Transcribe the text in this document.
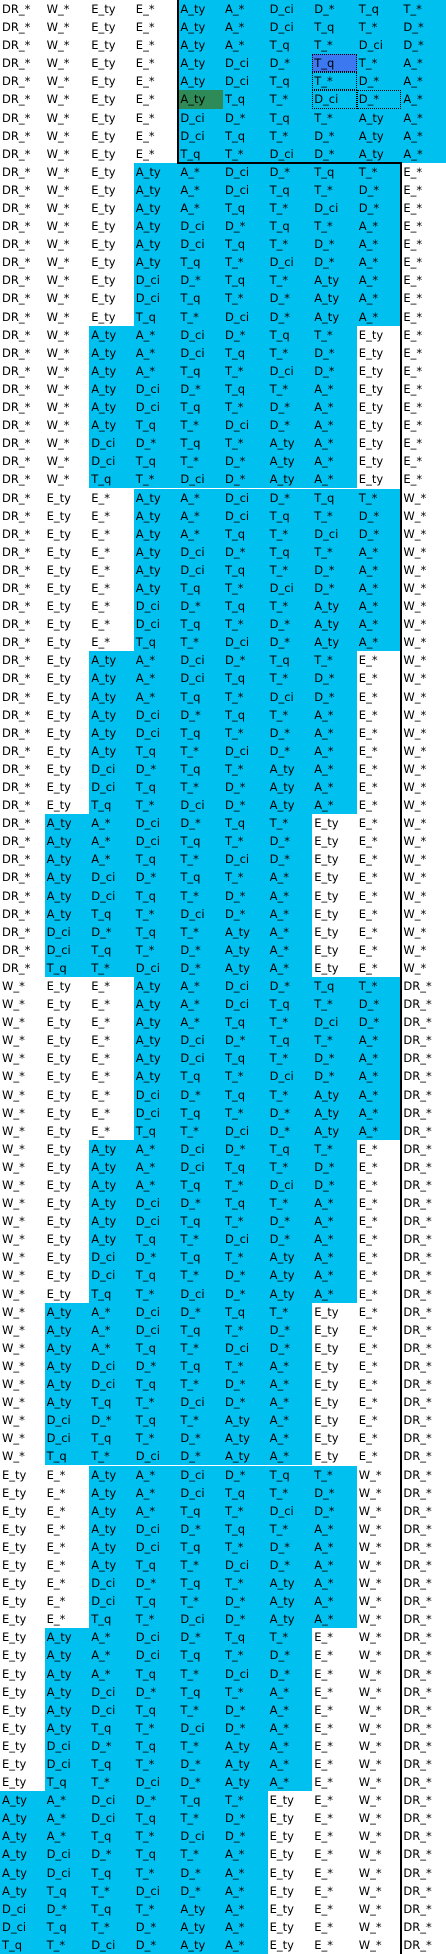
DR_*	W_*	E_ty	E_*	A_ty	A_*	D_ci	D_*	T_q	T_*
DR_*	W_*	E_ty	E_*	A_ty	A_*	D_ci	T_q	T_*	D_*
DR_*	W_*	E_ty	E_*	A_ty	A_*	T_q	T_*	D_ci	D_*
DR_*	W_*	E_ty	E_*	A_ty	D_ci	D_*	T_q	T_*	A_*
DR_*	W_*	E_ty	E_*	A_ty	D_ci	T_q	T_*	D_*	A_*
DR_*	W_*	E_ty	E_*	A_ty	T_q	T_*	D_ci	D_*	A_*
DR_*	W_*	E_ty	E_*	D_ci	D_*	T_q	T_*	A_ty	A_*
DR_*	W_*	E_ty	E_*	D_ci	T_q	T_*	D_*	A_ty	A_*
DR_*	W_*	E_ty	E_*	T_q	T_*	D_ci	D_*	A_ty	A_*
DR_*	W_*	E_ty	A_ty	A_*	D_ci	D_*	T_q	T_*	E_*
DR_*	W_*	E_ty	A_ty	A_*	D_ci	T_q	T_*	D_*	E_*
DR_*	W_*	E_ty	A_ty	A_*	T_q	T_*	D_ci	D_*	E_*
DR_*	W_*	E_ty	A_ty	D_ci	D_*	T_q	T_*	A_*	E_*
DR_*	W_*	E_ty	A_ty	D_ci	T_q	T_*	D_*	A_*	E_*
DR_*	W_*	E_ty	A_ty	T_q	T_*	D_ci	D_*	A_*	E_*
DR_*	W_*	E_ty	D_ci	D_*	T_q	T_*	A_ty	A_*	E_*
DR_*	W_*	E_ty	D_ci	T_q	T_*	D_*	A_ty	A_*	E_*
DR_*	W_*	E_ty	T_q	T_*	D_ci	D_*	A_ty	A_*	E_*
DR_*	W_*	A_ty	A_*	D_ci	D_*	T_q	T_*	E_ty	E_*
DR_*	W_*	A_ty	A_*	D_ci	T_q	T_*	D_*	E_ty	E_*
DR_*	W_*	A_ty	A_*	T_q	T_*	D_ci	D_*	E_ty	E_*
DR_*	W_*	A_ty	D_ci	D_*	T_q	T_*	A_*	E_ty	E_*
DR_*	W_*	A_ty	D_ci	T_q	T_*	D_*	A_*	E_ty	E_*
DR_*	W_*	A_ty	T_q	T_*	D_ci	D_*	A_*	E_ty	E_*
DR_*	W_*	D_ci	D_*	T_q	T_*	A_ty	A_*	E_ty	E_*
DR_*	W_*	D_ci	T_q	T_*	D_*	A_ty	A_*	E_ty	E_*
DR_*	W_*	T_q	T_*	D_ci	D_*	A_ty	A_*	E_ty	E_*
DR_*	E_ty	E_*	A_ty	A_*	D_ci	D_*	T_q	T_*	W_*
DR_*	E_ty	E_*	A_ty	A_*	D_ci	T_q	T_*	D_*	W_*
DR_*	E_ty	E_*	A_ty	A_*	T_q	T_*	D_ci	D_*	W_*
DR_*	E_ty	E_*	A_ty	D_ci	D_*	T_q	T_*	A_*	W_*
DR_*	E_ty	E_*	A_ty	D_ci	T_q	T_*	D_*	A_*	W_*
DR_*	E_ty	E_*	A_ty	T_q	T_*	D_ci	D_*	A_*	W_*
DR_*	E_ty	E_*	D_ci	D_*	T_q	T_*	A_ty	A_*	W_*
DR_*	E_ty	E_*	D_ci	T_q	T_*	D_*	A_ty	A_*	W_*
DR_*	E_ty	E_*	T_q	T_*	D_ci	D_*	A_ty	A_*	W_*
DR_*	E_ty	A_ty	A_*	D_ci	D_*	T_q	T_*	E_*	W_*
DR_*	E_ty	A_ty	A_*	D_ci	T_q	T_*	D_*	E_*	W_*
DR_*	E_ty	A_ty	A_*	T_q	T_*	D_ci	D_*	E_*	W_*
DR_*	E_ty	A_ty	D_ci	D_*	T_q	T_*	A_*	E_*	W_*
DR_*	E_ty	A_ty	D_ci	T_q	T_*	D_*	A_*	E_*	W_*
DR_*	E_ty	A_ty	T_q	T_*	D_ci	D_*	A_*	E_*	W_*
DR_*	E_ty	D_ci	D_*	T_q	T_*	A_ty	A_*	E_*	W_*
DR_*	E_ty	D_ci	T_q	T_*	D_*	A_ty	A_*	E_*	W_*
DR_*	E_ty	T_q	T_*	D_ci	D_*	A_ty	A_*	E_*	W_*
DR_*	A_ty	A_*	D_ci	D_*	T_q	T_*	E_ty	E_*	W_*
DR_*	A_ty	A_*	D_ci	T_q	T_*	D_*	E_ty	E_*	W_*
DR_*	A_ty	A_*	T_q	T_*	D_ci	D_*	E_ty	E_*	W_*
DR_*	A_ty	D_ci	D_*	T_q	T_*	A_*	E_ty	E_*	W_*
DR_*	A_ty	D_ci	T_q	T_*	D_*	A_*	E_ty	E_*	W_*
DR_*	A_ty	T_q	T_*	D_ci	D_*	A_*	E_ty	E_*	W_*
DR_*	D_ci	D_*	T_q	T_*	A_ty	A_*	E_ty	E_*	W_*
DR_*	D_ci	T_q	T_*	D_*	A_ty	A_*	E_ty	E_*	W_*
DR_*	T_q	T_*	D_ci	D_*	A_ty	A_*	E_ty	E_*	W_*
W_*	E_ty	E_*	A_ty	A_*	D_ci	D_*	T_q	T_*	DR_*
W_*	E_ty	E_*	A_ty	A_*	D_ci	T_q	T_*	D_*	DR_*
W_*	E_ty	E_*	A_ty	A_*	T_q	T_*	D_ci	D_*	DR_*
W_*	E_ty	E_*	A_ty	D_ci	D_*	T_q	T_*	A_*	DR_*
W_*	E_ty	E_*	A_ty	D_ci	T_q	T_*	D_*	A_*	DR_*
W_*	E_ty	E_*	A_ty	T_q	T_*	D_ci	D_*	A_*	DR_*
W_*	E_ty	E_*	D_ci	D_*	T_q	T_*	A_ty	A_*	DR_*
W_*	E_ty	E_*	D_ci	T_q	T_*	D_*	A_ty	A_*	DR_*
W_*	E_ty	E_*	T_q	T_*	D_ci	D_*	A_ty	A_*	DR_*
W_*	E_ty	A_ty	A_*	D_ci	D_*	T_q	T_*	E_*	DR_*
W_*	E_ty	A_ty	A_*	D_ci	T_q	T_*	D_*	E_*	DR_*
W_*	E_ty	A_ty	A_*	T_q	T_*	D_ci	D_*	E_*	DR_*
W_*	E_ty	A_ty	D_ci	D_*	T_q	T_*	A_*	E_*	DR_*
W_*	E_ty	A_ty	D_ci	T_q	T_*	D_*	A_*	E_*	DR_*
W_*	E_ty	A_ty	T_q	T_*	D_ci	D_*	A_*	E_*	DR_*
W_*	E_ty	D_ci	D_*	T_q	T_*	A_ty	A_*	E_*	DR_*
W_*	E_ty	D_ci	T_q	T_*	D_*	A_ty	A_*	E_*	DR_*
W_*	E_ty	T_q	T_*	D_ci	D_*	A_ty	A_*	E_*	DR_*
W_*	A_ty	A_*	D_ci	D_*	T_q	T_*	E_ty	E_*	DR_*
W_*	A_ty	A_*	D_ci	T_q	T_*	D_*	E_ty	E_*	DR_*
W_*	A_ty	A_*	T_q	T_*	D_ci	D_*	E_ty	E_*	DR_*
W_*	A_ty	D_ci	D_*	T_q	T_*	A_*	E_ty	E_*	DR_*
W_*	A_ty	D_ci	T_q	T_*	D_*	A_*	E_ty	E_*	DR_*
W_*	A_ty	T_q	T_*	D_ci	D_*	A_*	E_ty	E_*	DR_*
W_*	D_ci	D_*	T_q	T_*	A_ty	A_*	E_ty	E_*	DR_*
W_*	D_ci	T_q	T_*	D_*	A_ty	A_*	E_ty	E_*	DR_*
W_*	T_q	T_*	D_ci	D_*	A_ty	A_*	E_ty	E_*	DR_*
E_ty	E_*	A_ty	A_*	D_ci	D_*	T_q	T_*	W_*	DR_*
E_ty	E_*	A_ty	A_*	D_ci	T_q	T_*	D_*	W_*	DR_*
E_ty	E_*	A_ty	A_*	T_q	T_*	D_ci	D_*	W_*	DR_*
E_ty	E_*	A_ty	D_ci	D_*	T_q	T_*	A_*	W_*	DR_*
E_ty	E_*	A_ty	D_ci	T_q	T_*	D_*	A_*	W_*	DR_*
E_ty	E_*	A_ty	T_q	T_*	D_ci	D_*	A_*	W_*	DR_*
E_ty	E_*	D_ci	D_*	T_q	T_*	A_ty	A_*	W_*	DR_*
E_ty	E_*	D_ci	T_q	T_*	D_*	A_ty	A_*	W_*	DR_*
E_ty	E_*	T_q	T_*	D_ci	D_*	A_ty	A_*	W_*	DR_*
E_ty	A_ty	A_*	D_ci	D_*	T_q	T_*	E_*	W_*	DR_*
E_ty	A_ty	A_*	D_ci	T_q	T_*	D_*	E_*	W_*	DR_*
E_ty	A_ty	A_*	T_q	T_*	D_ci	D_*	E_*	W_*	DR_*
E_ty	A_ty	D_ci	D_*	T_q	T_*	A_*	E_*	W_*	DR_*
E_ty	A_ty	D_ci	T_q	T_*	D_*	A_*	E_*	W_*	DR_*
E_ty	A_ty	T_q	T_*	D_ci	D_*	A_*	E_*	W_*	DR_*
E_ty	D_ci	D_*	T_q	T_*	A_ty	A_*	E_*	W_*	DR_*
E_ty	D_ci	T_q	T_*	D_*	A_ty	A_*	E_*	W_*	DR_*
E_ty	T_q	T_*	D_ci	D_*	A_ty	A_*	E_*	W_*	DR_*
A_ty	A_*	D_ci	D_*	T_q	T_*	E_ty	E_*	W_*	DR_*
A_ty	A_*	D_ci	T_q	T_*	D_*	E_ty	E_*	W_*	DR_*
A_ty	A_*	T_q	T_*	D_ci	D_*	E_ty	E_*	W_*	DR_*
A_ty	D_ci	D_*	T_q	T_*	A_*	E_ty	E_*	W_*	DR_*
A_ty	D_ci	T_q	T_*	D_*	A_*	E_ty	E_*	W_*	DR_*
A_ty	T_q	T_*	D_ci	D_*	A_*	E_ty	E_*	W_*	DR_*
D_ci	D_*	T_q	T_*	A_ty	A_*	E_ty	E_*	W_*	DR_*
D_ci	T_q	T_*	D_*	A_ty	A_*	E_ty	E_*	W_*	DR_*
T_q	T_*	D_ci	D_*	A_ty	A_*	E_ty	E_*	W_*	DR_*
